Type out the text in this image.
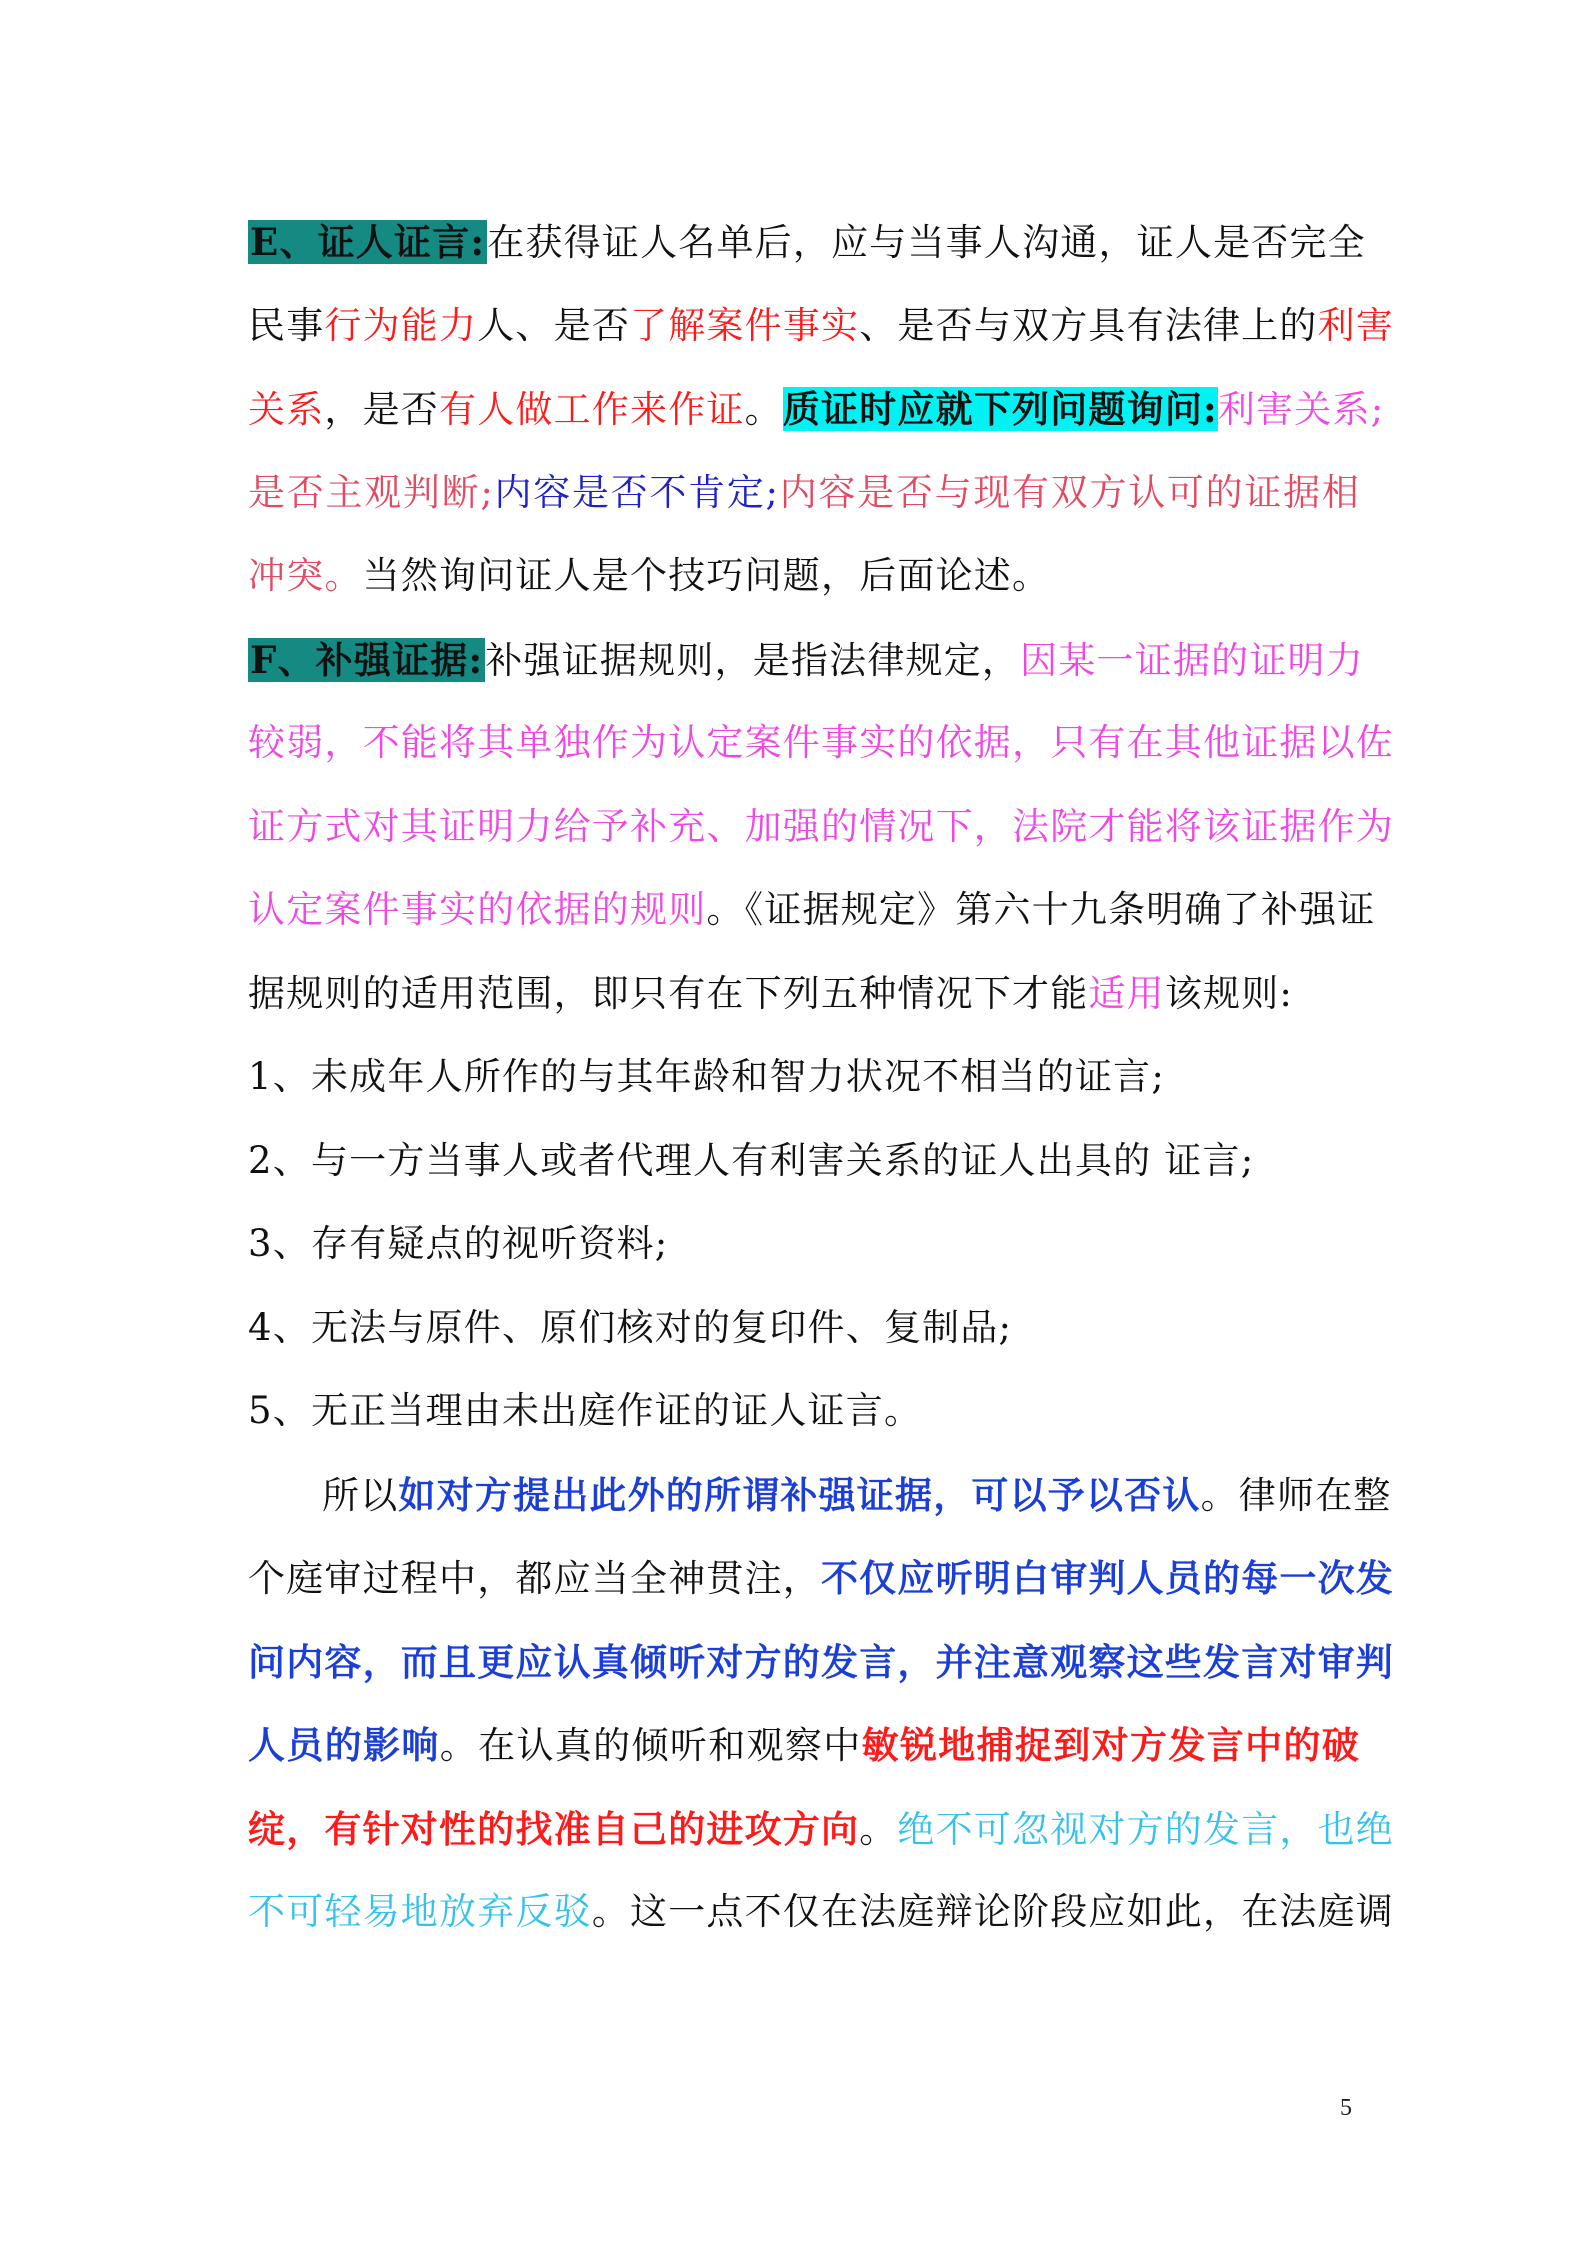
E、证人证言:在获得证人名单后，应与当事人沟通，证人是否完全
民事行为能力人、是否了解案件事实、是否与双方具有法律上的利害
关系，是否有人做工作来作证。质证时应就下列问题询问:利害关系;
是否主观判断;内容是否不肯定;内容是否与现有双方认可的证据相
冲突。当然询问证人是个技巧问题，后面论述。
F、补强证据:补强证据规则，是指法律规定，因某一证据的证明力
较弱，不能将其单独作为认定案件事实的依据，只有在其他证据以佐
证方式对其证明力给予补充、加强的情况下，法院才能将该证据作为
认定案件事实的依据的规则。《证据规定》第六十九条明确了补强证
据规则的适用范围，即只有在下列五种情况下才能适用该规则:
1、未成年人所作的与其年龄和智力状况不相当的证言;
2、与一方当事人或者代理人有利害关系的证人出具的 证言;
3、存有疑点的视听资料;
4、无法与原件、原们核对的复印件、复制品;
5、无正当理由未出庭作证的证人证言。
所以如对方提出此外的所谓补强证据，可以予以否认。律师在整
个庭审过程中，都应当全神贯注，不仅应听明白审判人员的每一次发
问内容，而且更应认真倾听对方的发言，并注意观察这些发言对审判
人员的影响。在认真的倾听和观察中敏锐地捕捉到对方发言中的破
绽，有针对性的找准自己的进攻方向。绝不可忽视对方的发言，也绝
不可轻易地放弃反驳。这一点不仅在法庭辩论阶段应如此，在法庭调
5
